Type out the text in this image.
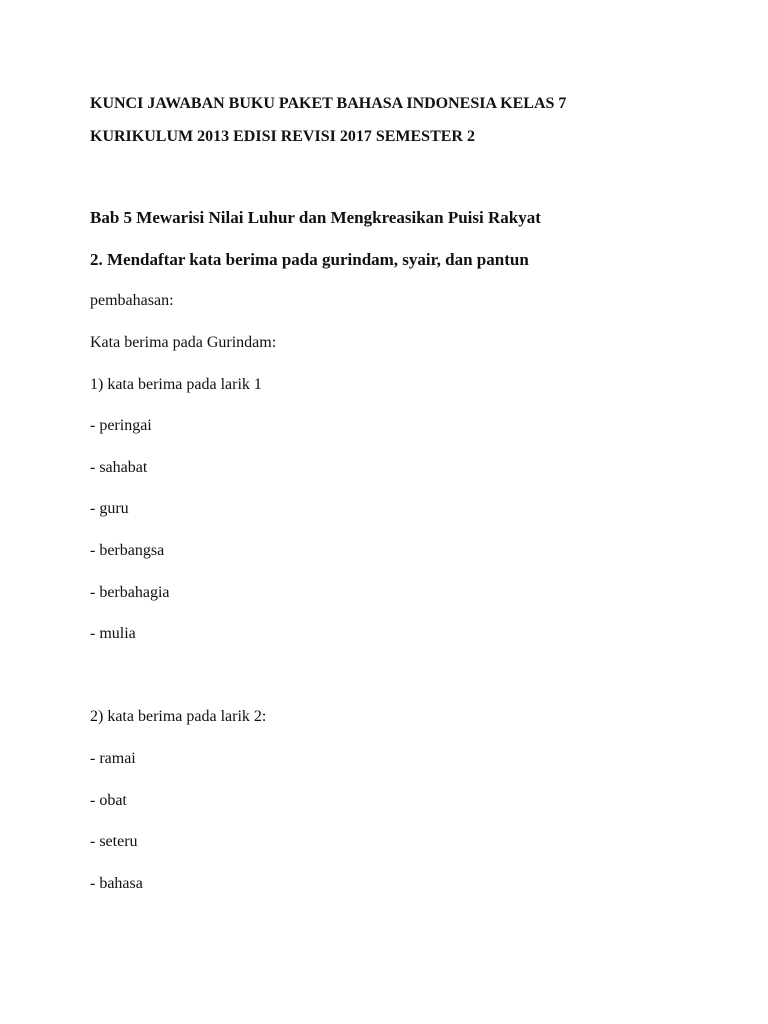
KUNCI JAWABAN BUKU PAKET BAHASA INDONESIA KELAS 7
KURIKULUM 2013 EDISI REVISI 2017 SEMESTER 2
Bab 5 Mewarisi Nilai Luhur dan Mengkreasikan Puisi Rakyat
2. Mendaftar kata berima pada gurindam, syair, dan pantun
pembahasan:
Kata berima pada Gurindam:
1) kata berima pada larik 1
- peringai
- sahabat
- guru
- berbangsa
- berbahagia
- mulia
2) kata berima pada larik 2:
- ramai
- obat
- seteru
- bahasa
